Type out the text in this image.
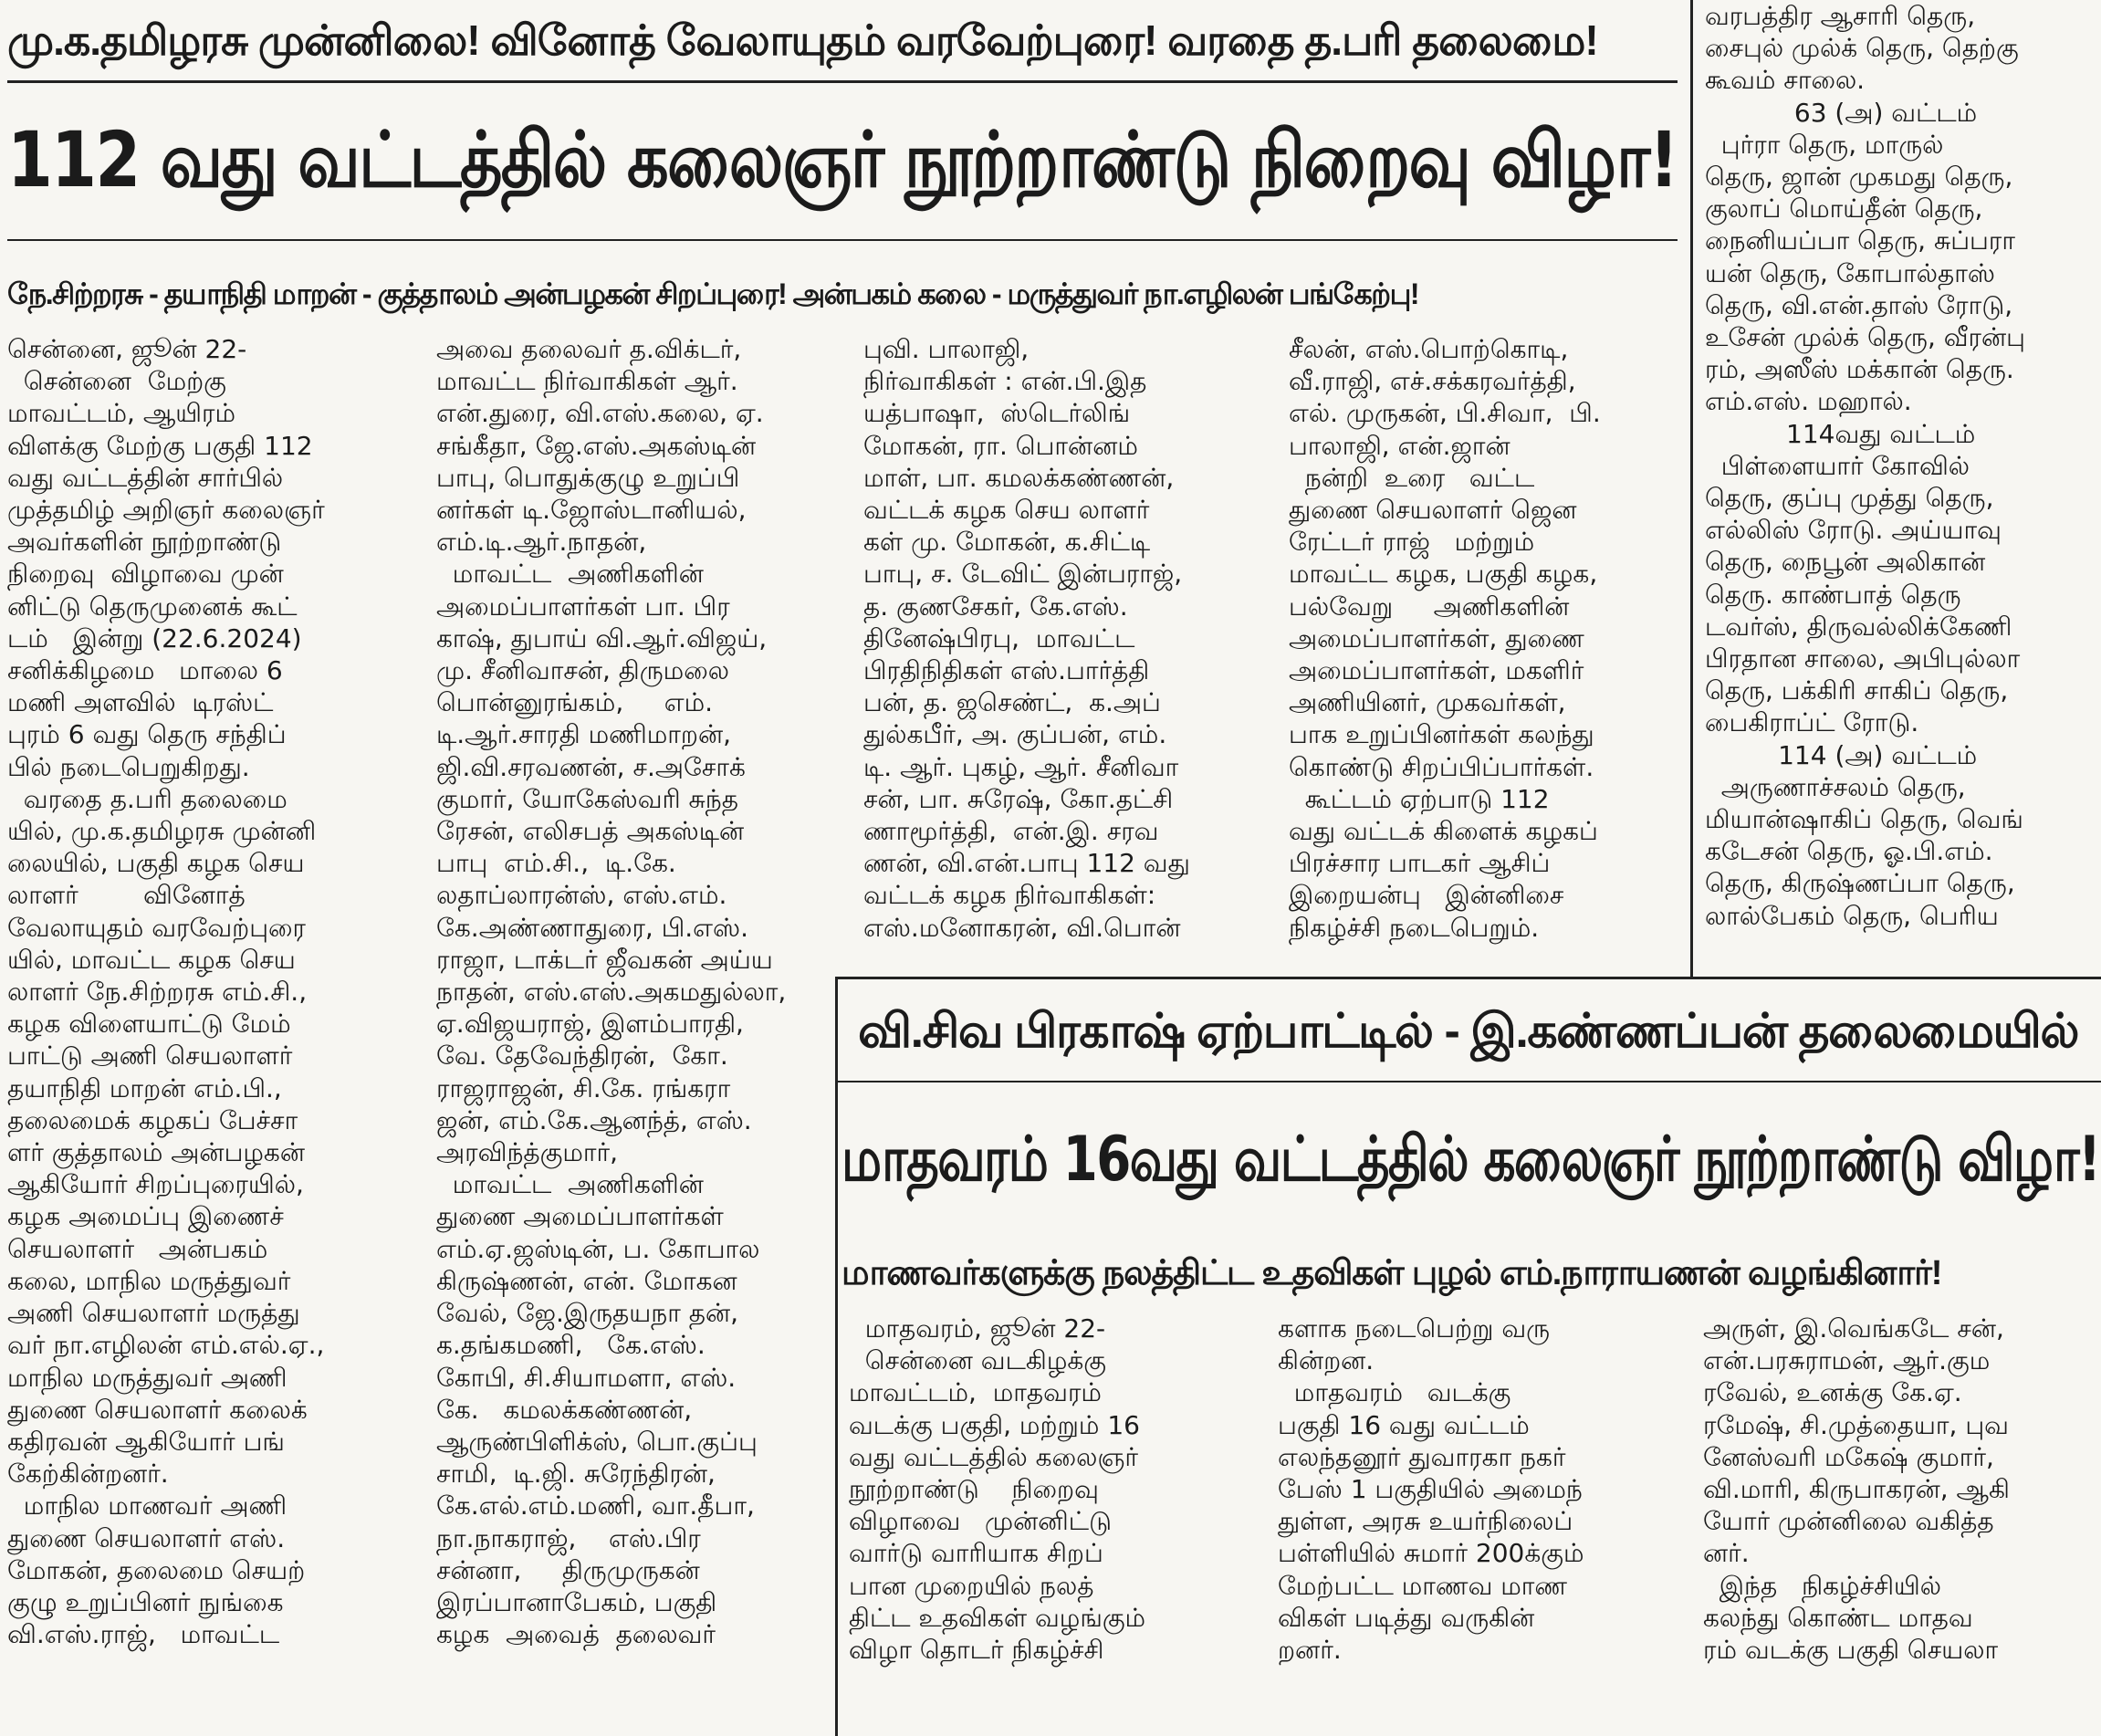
மு.க.தமிழரசு முன்னிலை! வினோத் வேலாயுதம் வரவேற்புரை! வரதை த.பரி தலைமை!
112 வது வட்டத்தில் கலைஞர் நூற்றாண்டு நிறைவு விழா!
நே.சிற்றரசு - தயாநிதி மாறன் - குத்தாலம் அன்பழகன் சிறப்புரை! அன்பகம் கலை - மருத்துவர் நா.எழிலன் பங்கேற்பு!
சென்னை, ஜூன் 22-
சென்னை  மேற்கு
மாவட்டம், ஆயிரம்
விளக்கு மேற்கு பகுதி 112
வது வட்டத்தின் சார்பில்
முத்தமிழ் அறிஞர் கலைஞர்
அவர்களின் நூற்றாண்டு
நிறைவு  விழாவை முன்
னிட்டு தெருமுனைக் கூட்
டம்   இன்று (22.6.2024)
சனிக்கிழமை   மாலை 6
மணி அளவில்  டிரஸ்ட்
புரம் 6 வது தெரு சந்திப்
பில் நடைபெறுகிறது.
வரதை த.பரி தலைமை
யில், மு.க.தமிழரசு முன்னி
லையில், பகுதி கழக செய
லாளர்        வினோத்
வேலாயுதம் வரவேற்புரை
யில், மாவட்ட கழக செய
லாளர் நே.சிற்றரசு எம்.சி.,
கழக விளையாட்டு மேம்
பாட்டு அணி செயலாளர்
தயாநிதி மாறன் எம்.பி.,
தலைமைக் கழகப் பேச்சா
ளர் குத்தாலம் அன்பழகன்
ஆகியோர் சிறப்புரையில்,
கழக அமைப்பு இணைச்
செயலாளர்   அன்பகம்
கலை, மாநில மருத்துவர்
அணி செயலாளர் மருத்து
வர் நா.எழிலன் எம்.எல்.ஏ.,
மாநில மருத்துவர் அணி
துணை செயலாளர் கலைக்
கதிரவன் ஆகியோர் பங்
கேற்கின்றனர்.
மாநில மாணவர் அணி
துணை செயலாளர் எஸ்.
மோகன், தலைமை செயற்
குழு உறுப்பினர் நுங்கை
வி.எஸ்.ராஜ்,   மாவட்ட
அவை தலைவர் த.விக்டர்,
மாவட்ட நிர்வாகிகள் ஆர்.
என்.துரை, வி.எஸ்.கலை, ஏ.
சங்கீதா, ஜே.எஸ்.அகஸ்டின்
பாபு, பொதுக்குழு உறுப்பி
னர்கள் டி.ஜோஸ்டானியல்,
எம்.டி.ஆர்.நாதன்,
மாவட்ட  அணிகளின்
அமைப்பாளர்கள் பா. பிர
காஷ், துபாய் வி.ஆர்.விஜய்,
மு. சீனிவாசன், திருமலை
பொன்னுரங்கம்,     எம்.
டி.ஆர்.சாரதி மணிமாறன்,
ஜி.வி.சரவணன், ச.அசோக்
குமார், யோகேஸ்வரி சுந்த
ரேசன், எலிசபத் அகஸ்டின்
பாபு  எம்.சி.,  டி.கே.
லதாப்லாரன்ஸ், எஸ்.எம்.
கே.அண்ணாதுரை, பி.எஸ்.
ராஜா, டாக்டர் ஜீவகன் அய்ய
நாதன், எஸ்.எஸ்.அகமதுல்லா,
ஏ.விஜயராஜ், இளம்பாரதி,
வே. தேவேந்திரன்,  கோ.
ராஜராஜன், சி.கே. ரங்கரா
ஜன், எம்.கே.ஆனந்த், எஸ்.
அரவிந்த்குமார்,
மாவட்ட  அணிகளின்
துணை அமைப்பாளர்கள்
எம்.ஏ.ஜஸ்டின், ப. கோபால
கிருஷ்ணன், என். மோகன
வேல், ஜே.இருதயநா தன்,
க.தங்கமணி,   கே.எஸ்.
கோபி, சி.சியாமளா, எஸ்.
கே.   கமலக்கண்ணன்,
ஆருண்பிளிக்ஸ், பொ.குப்பு
சாமி,  டி.ஜி. சுரேந்திரன்,
கே.எல்.எம்.மணி, வா.தீபா,
நா.நாகராஜ்,    எஸ்.பிர
சன்னா,     திருமுருகன்
இரப்பானாபேகம், பகுதி
கழக  அவைத்  தலைவர்
புவி. பாலாஜி,
நிர்வாகிகள் : என்.பி.இத
யத்பாஷா,  ஸ்டெர்லிங்
மோகன், ரா. பொன்னம்
மாள், பா. கமலக்கண்ணன்,
வட்டக் கழக செய லாளர்
கள் மு. மோகன், க.சிட்டி
பாபு, ச. டேவிட் இன்பராஜ்,
த. குணசேகர், கே.எஸ்.
தினேஷ்பிரபு,  மாவட்ட
பிரதிநிதிகள் எஸ்.பார்த்தி
பன், த. ஜசெண்ட்,  க.அப்
துல்கபீர், அ. குப்பன், எம்.
டி. ஆர். புகழ், ஆர். சீனிவா
சன், பா. சுரேஷ், கோ.தட்சி
ணாமூர்த்தி,  என்.இ. சரவ
ணன், வி.என்.பாபு 112 வது
வட்டக் கழக நிர்வாகிகள்:
எஸ்.மனோகரன், வி.பொன்
சீலன், எஸ்.பொற்கொடி,
வீ.ராஜி, எச்.சக்கரவர்த்தி,
எல். முருகன், பி.சிவா,  பி.
பாலாஜி, என்.ஜான்
நன்றி  உரை   வட்ட
துணை செயலாளர் ஜென
ரேட்டர் ராஜ்   மற்றும்
மாவட்ட கழக, பகுதி கழக,
பல்வேறு     அணிகளின்
அமைப்பாளர்கள், துணை
அமைப்பாளர்கள், மகளிர்
அணியினர், முகவர்கள்,
பாக உறுப்பினர்கள் கலந்து
கொண்டு சிறப்பிப்பார்கள்.
கூட்டம் ஏற்பாடு 112
வது வட்டக் கிளைக் கழகப்
பிரச்சார பாடகர் ஆசிப்
இறையன்பு   இன்னிசை
நிகழ்ச்சி நடைபெறும்.
வரபத்திர ஆசாரி தெரு,
சைபுல் முல்க் தெரு, தெற்கு
கூவம் சாலை.
63 (அ) வட்டம்
புர்ரா தெரு, மாருல்
தெரு, ஜான் முகமது தெரு,
குலாப் மொய்தீன் தெரு,
நைனியப்பா தெரு, சுப்பரா
யன் தெரு, கோபால்தாஸ்
தெரு, வி.என்.தாஸ் ரோடு,
உசேன் முல்க் தெரு, வீரன்பு
ரம், அஸீஸ் மக்கான் தெரு.
எம்.எஸ். மஹால்.
114வது வட்டம்
பிள்ளையார் கோவில்
தெரு, குப்பு முத்து தெரு,
எல்லிஸ் ரோடு. அய்யாவு
தெரு, நைபூன் அலிகான்
தெரு. காண்பாத் தெரு
டவர்ஸ், திருவல்லிக்கேணி
பிரதான சாலை, அபிபுல்லா
தெரு, பக்கிரி சாகிப் தெரு,
பைகிராப்ட் ரோடு.
114 (அ) வட்டம்
அருணாச்சலம் தெரு,
மியான்ஷாகிப் தெரு, வெங்
கடேசன் தெரு, ஓ.பி.எம்.
தெரு, கிருஷ்ணப்பா தெரு,
லால்பேகம் தெரு, பெரிய
வி.சிவ பிரகாஷ் ஏற்பாட்டில் - இ.கண்ணப்பன் தலைமையில்
மாதவரம் 16வது வட்டத்தில் கலைஞர் நூற்றாண்டு விழா!
மாணவர்களுக்கு நலத்திட்ட உதவிகள் புழல் எம்.நாராயணன் வழங்கினார்!
மாதவரம், ஜூன் 22-
சென்னை வடகிழக்கு
மாவட்டம்,  மாதவரம்
வடக்கு பகுதி, மற்றும் 16
வது வட்டத்தில் கலைஞர்
நூற்றாண்டு    நிறைவு
விழாவை   முன்னிட்டு
வார்டு வாரியாக சிறப்
பான முறையில் நலத்
திட்ட உதவிகள் வழங்கும்
விழா தொடர் நிகழ்ச்சி
களாக நடைபெற்று வரு
கின்றன.
மாதவரம்   வடக்கு
பகுதி 16 வது வட்டம்
எலந்தனூர் துவாரகா நகர்
பேஸ் 1 பகுதியில் அமைந்
துள்ள, அரசு உயர்நிலைப்
பள்ளியில் சுமார் 200க்கும்
மேற்பட்ட மாணவ மாண
விகள் படித்து வருகின்
றனர்.
அருள், இ.வெங்கடே சன்,
என்.பரசுராமன், ஆர்.கும
ரவேல், உனக்கு கே.ஏ.
ரமேஷ், சி.முத்தையா, புவ
னேஸ்வரி மகேஷ் குமார்,
வி.மாரி, கிருபாகரன், ஆகி
யோர் முன்னிலை வகித்த
னர்.
இந்த   நிகழ்ச்சியில்
கலந்து கொண்ட மாதவ
ரம் வடக்கு பகுதி செயலா
